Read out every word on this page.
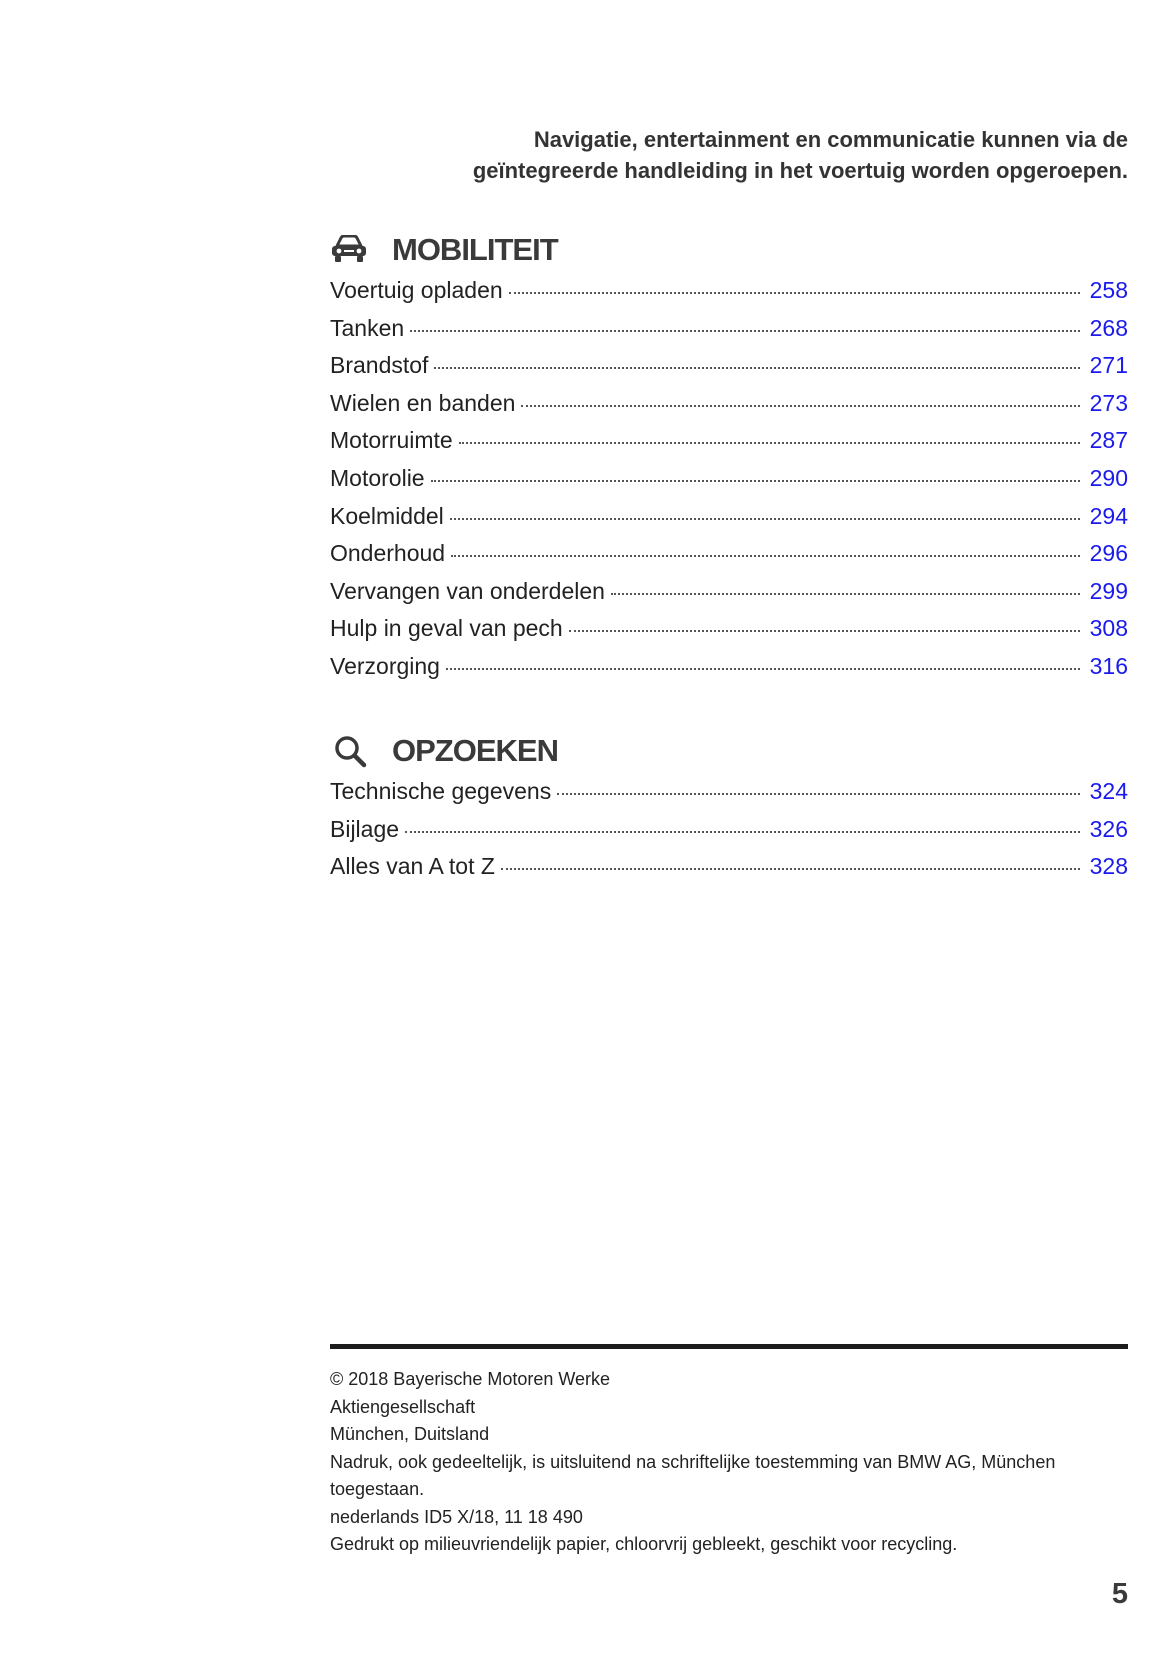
Navigatie, entertainment en communicatie kunnen via de
geïntegreerde handleiding in het voertuig worden opgeroepen.
MOBILITEIT
Voertuig opladen	258
Tanken	268
Brandstof	271
Wielen en banden	273
Motorruimte	287
Motorolie	290
Koelmiddel	294
Onderhoud	296
Vervangen van onderdelen	299
Hulp in geval van pech	308
Verzorging	316
OPZOEKEN
Technische gegevens	324
Bijlage	326
Alles van A tot Z	328
© 2018 Bayerische Motoren Werke
Aktiengesellschaft
München, Duitsland
Nadruk, ook gedeeltelijk, is uitsluitend na schriftelijke toestemming van BMW AG, München
toegestaan.
nederlands ID5 X/18, 11 18 490
Gedrukt op milieuvriendelijk papier, chloorvrij gebleekt, geschikt voor recycling.
5
